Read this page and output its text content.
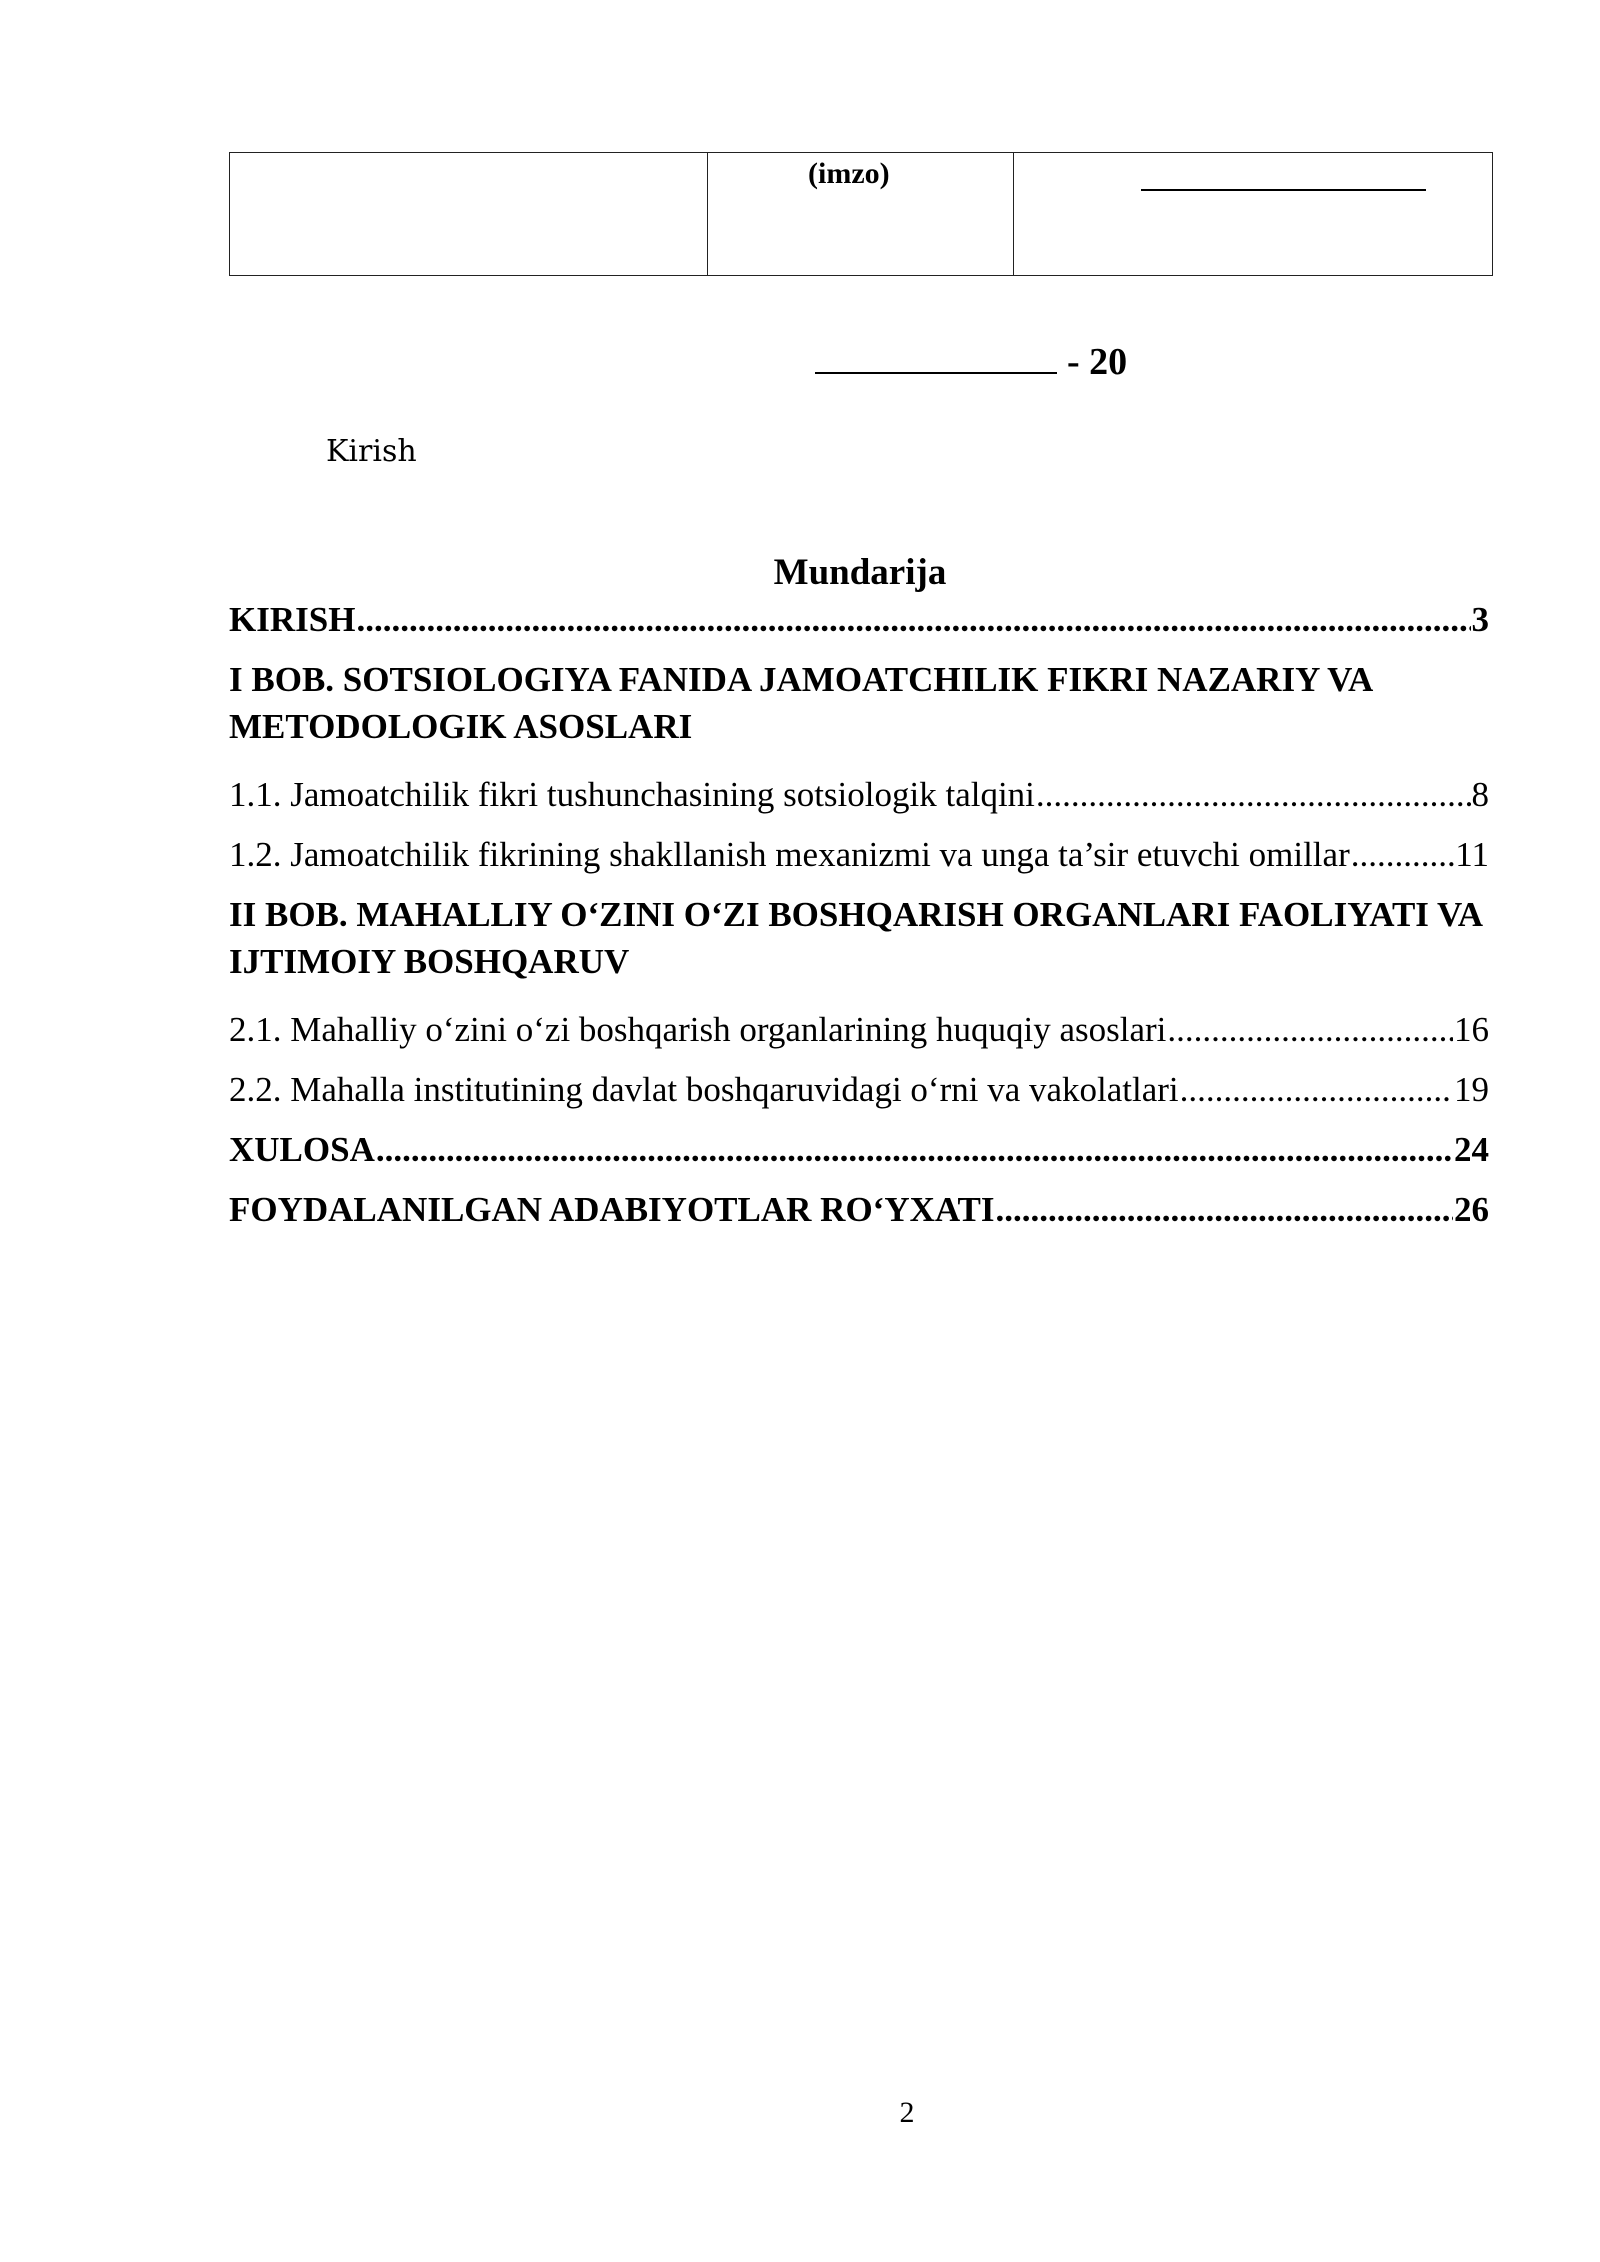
(imzo)

- 20
Kirish
Mundarija
KIRISH .....	3
I BOB. SOTSIOLOGIYA FANIDA JAMOATCHILIK FIKRI NAZARIY VA METODOLOGIK ASOSLARI
1.1. Jamoatchilik fikri tushunchasining sotsiologik talqini .....	8
1.2. Jamoatchilik fikrining shakllanish mexanizmi va unga ta’sir etuvchi omillar .....	11
II BOB. MAHALLIY O‘ZINI O‘ZI BOSHQARISH ORGANLARI FAOLIYATI VA IJTIMOIY BOSHQARUV
2.1. Mahalliy o‘zini o‘zi boshqarish organlarining huquqiy asoslari .....	16
2.2. Mahalla institutining davlat boshqaruvidagi o‘rni va vakolatlari .....	19
XULOSA .....	24
FOYDALANILGAN ADABIYOTLAR RO‘YXATI .....	26
2
